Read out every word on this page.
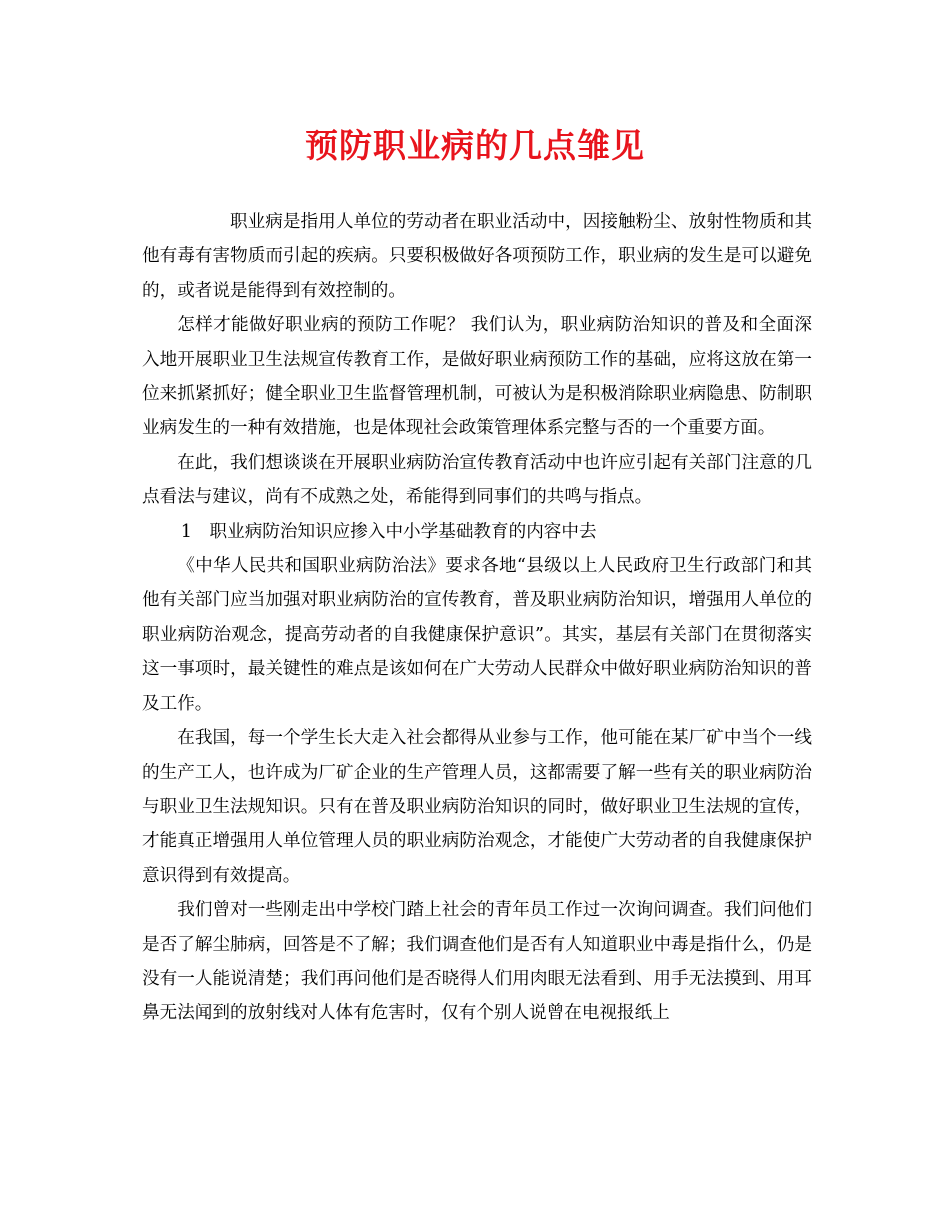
预防职业病的几点雏见

职业病是指用人单位的劳动者在职业活动中，因接触粉尘、放射性物质和其他有毒有害物质而引起的疾病。只要积极做好各项预防工作，职业病的发生是可以避免的，或者说是能得到有效控制的。

怎样才能做好职业病的预防工作呢？ 我们认为，职业病防治知识的普及和全面深入地开展职业卫生法规宣传教育工作，是做好职业病预防工作的基础，应将这放在第一位来抓紧抓好；健全职业卫生监督管理机制，可被认为是积极消除职业病隐患、防制职业病发生的一种有效措施，也是体现社会政策管理体系完整与否的一个重要方面。

在此，我们想谈谈在开展职业病防治宣传教育活动中也许应引起有关部门注意的几点看法与建议，尚有不成熟之处，希能得到同事们的共鸣与指点。

1　职业病防治知识应掺入中小学基础教育的内容中去

《中华人民共和国职业病防治法》要求各地“县级以上人民政府卫生行政部门和其他有关部门应当加强对职业病防治的宣传教育，普及职业病防治知识，增强用人单位的职业病防治观念，提高劳动者的自我健康保护意识”。其实，基层有关部门在贯彻落实这一事项时，最关键性的难点是该如何在广大劳动人民群众中做好职业病防治知识的普及工作。

在我国，每一个学生长大走入社会都得从业参与工作，他可能在某厂矿中当个一线的生产工人，也许成为厂矿企业的生产管理人员，这都需要了解一些有关的职业病防治与职业卫生法规知识。只有在普及职业病防治知识的同时，做好职业卫生法规的宣传，才能真正增强用人单位管理人员的职业病防治观念，才能使广大劳动者的自我健康保护意识得到有效提高。

我们曾对一些刚走出中学校门踏上社会的青年员工作过一次询问调查。我们问他们是否了解尘肺病，回答是不了解；我们调查他们是否有人知道职业中毒是指什么，仍是没有一人能说清楚；我们再问他们是否晓得人们用肉眼无法看到、用手无法摸到、用耳鼻无法闻到的放射线对人体有危害时，仅有个别人说曾在电视报纸上
